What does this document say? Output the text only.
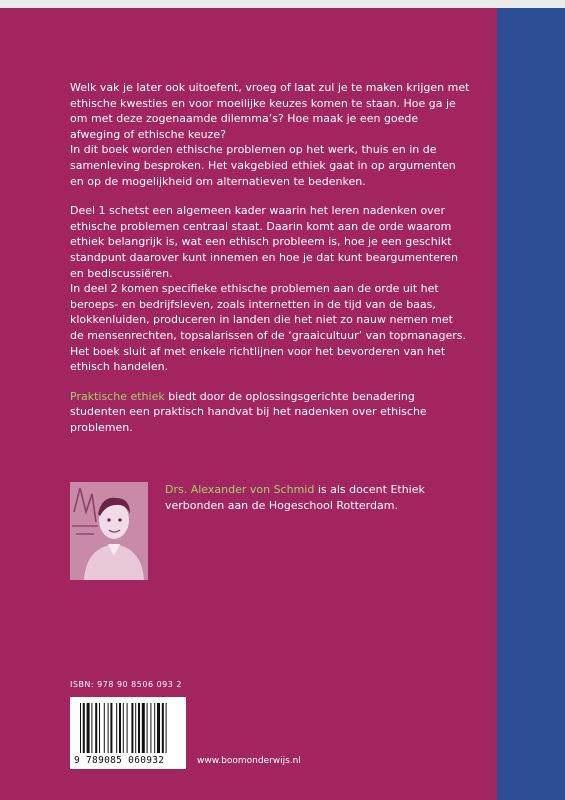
Welk vak je later ook uitoefent, vroeg of laat zul je te maken krijgen met ethische kwesties en voor moeilijke keuzes komen te staan. Hoe ga je om met deze zogenaamde dilemma’s? Hoe maak je een goede afweging of ethische keuze?

In dit boek worden ethische problemen op het werk, thuis en in de samenleving besproken. Het vakgebied ethiek gaat in op argumenten en op de mogelijkheid om alternatieven te bedenken.

Deel 1 schetst een algemeen kader waarin het leren nadenken over ethische problemen centraal staat. Daarin komt aan de orde waarom ethiek belangrijk is, wat een ethisch probleem is, hoe je een geschikt standpunt daarover kunt innemen en hoe je dat kunt beargumenteren en bediscussiëren.

In deel 2 komen specifieke ethische problemen aan de orde uit het beroeps- en bedrijfsleven, zoals internetten in de tijd van de baas, klokkenluiden, produceren in landen die het niet zo nauw nemen met de mensenrechten, topsalarissen of de ‘graaicultuur’ van topmanagers. Het boek sluit af met enkele richtlijnen voor het bevorderen van het ethisch handelen.

Praktische ethiek biedt door de oplossingsgerichte benadering studenten een praktisch handvat bij het nadenken over ethische problemen.

Drs. Alexander von Schmid is als docent Ethiek verbonden aan de Hogeschool Rotterdam.

ISBN: 978 90 8506 093 2
9 789085 060932	www.boomonderwijs.nl
